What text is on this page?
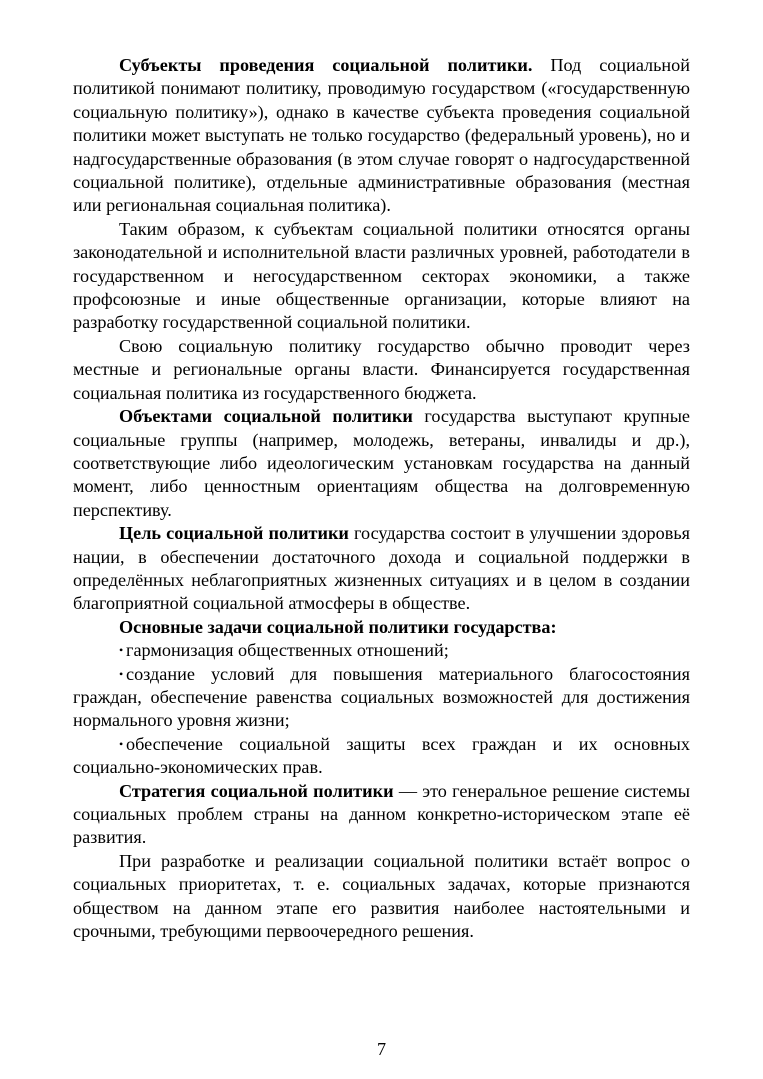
Субъекты проведения социальной политики. Под социальной политикой понимают политику, проводимую государством («государственную социальную политику»), однако в качестве субъекта проведения социальной политики может выступать не только государство (федеральный уровень), но и надгосударственные образования (в этом случае говорят о надгосударственной социальной политике), отдельные административные образования (местная или региональная социальная политика).

Таким образом, к субъектам социальной политики относятся органы законодательной и исполнительной власти различных уровней, работодатели в государственном и негосударственном секторах экономики, а также профсоюзные и иные общественные организации, которые влияют на разработку государственной социальной политики.

Свою социальную политику государство обычно проводит через местные и региональные органы власти. Финансируется государственная социальная политика из государственного бюджета.

Объектами социальной политики государства выступают крупные социальные группы (например, молодежь, ветераны, инвалиды и др.), соответствующие либо идеологическим установкам государства на данный момент, либо ценностным ориентациям общества на долговременную перспективу.

Цель социальной политики государства состоит в улучшении здоровья нации, в обеспечении достаточного дохода и социальной поддержки в определённых неблагоприятных жизненных ситуациях и в целом в создании благоприятной социальной атмосферы в обществе.

Основные задачи социальной политики государства:

• гармонизация общественных отношений;

• создание условий для повышения материального благосостояния граждан, обеспечение равенства социальных возможностей для достижения нормального уровня жизни;

• обеспечение социальной защиты всех граждан и их основных социально-экономических прав.

Стратегия социальной политики — это генеральное решение системы социальных проблем страны на данном конкретно-историческом этапе её развития.

При разработке и реализации социальной политики встаёт вопрос о социальных приоритетах, т. е. социальных задачах, которые признаются обществом на данном этапе его развития наиболее настоятельными и срочными, требующими первоочередного решения.

7
